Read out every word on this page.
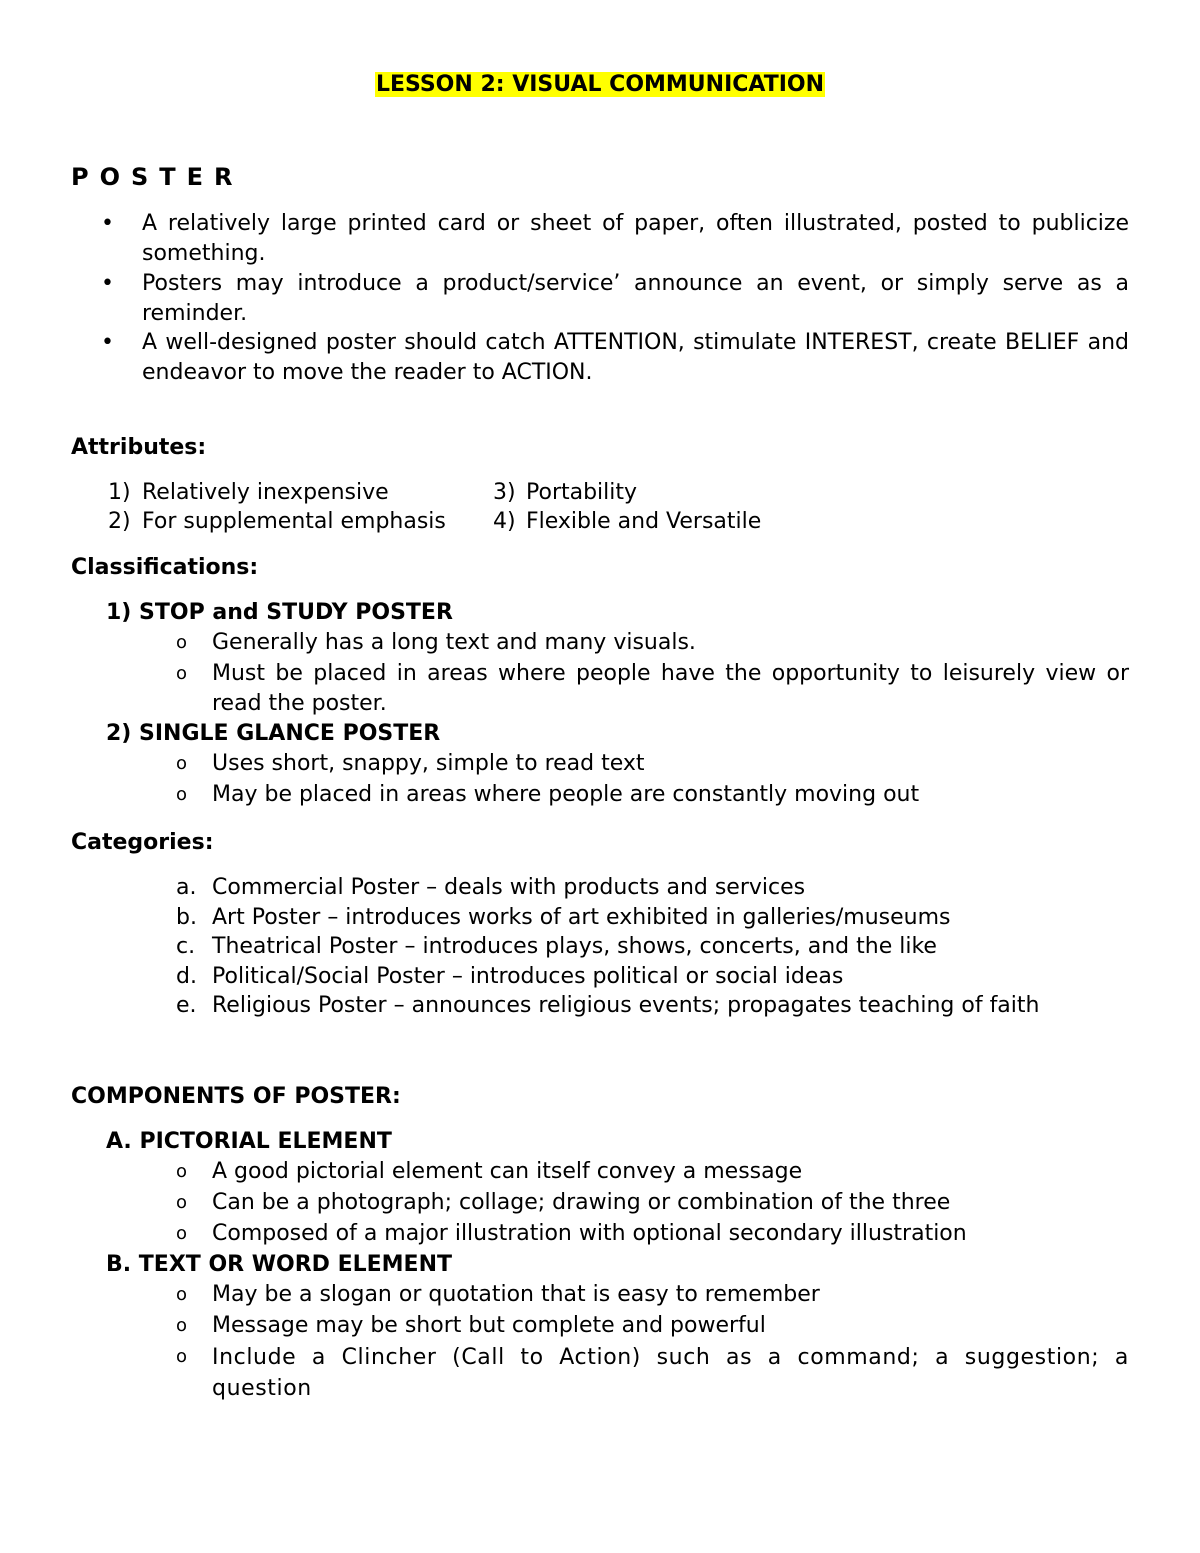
LESSON 2: VISUAL COMMUNICATION
POSTER
•	A relatively large printed card or sheet of paper, often illustrated, posted to publicize something.
•	Posters may introduce a product/service’ announce an event, or simply serve as a reminder.
•	A well-designed poster should catch ATTENTION, stimulate INTEREST, create BELIEF and endeavor to move the reader to ACTION.
Attributes:
1) Relatively inexpensive
2) For supplemental emphasis
3) Portability
4) Flexible and Versatile
Classifications:
1) STOP and STUDY POSTER
o Generally has a long text and many visuals.
o Must be placed in areas where people have the opportunity to leisurely view or read the poster.
2) SINGLE GLANCE POSTER
o Uses short, snappy, simple to read text
o May be placed in areas where people are constantly moving out
Categories:
a. Commercial Poster – deals with products and services
b. Art Poster – introduces works of art exhibited in galleries/museums
c. Theatrical Poster – introduces plays, shows, concerts, and the like
d. Political/Social Poster – introduces political or social ideas
e. Religious Poster – announces religious events; propagates teaching of faith
COMPONENTS OF POSTER:
A. PICTORIAL ELEMENT
o A good pictorial element can itself convey a message
o Can be a photograph; collage; drawing or combination of the three
o Composed of a major illustration with optional secondary illustration
B. TEXT OR WORD ELEMENT
o May be a slogan or quotation that is easy to remember
o Message may be short but complete and powerful
o Include a Clincher (Call to Action) such as a command; a suggestion; a question
